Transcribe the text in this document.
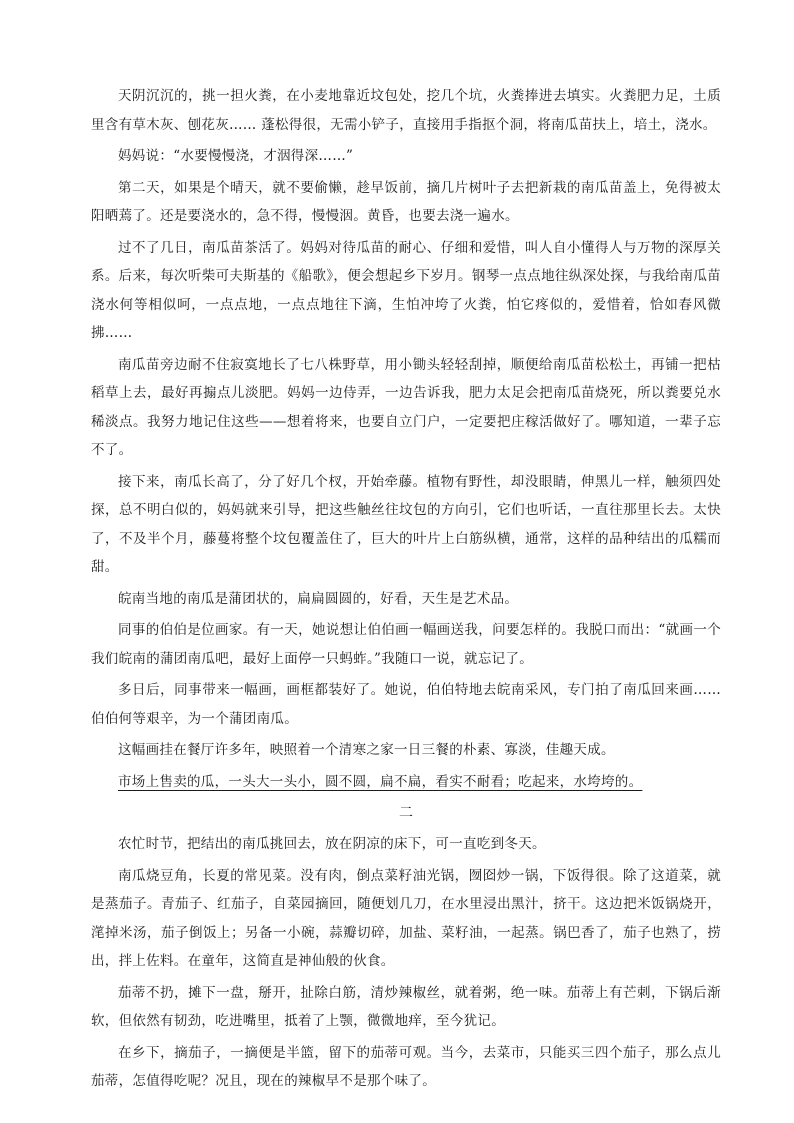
天阴沉沉的，挑一担火粪，在小麦地靠近坟包处，挖几个坑，火粪捧进去填实。火粪肥力足，土质里含有草木灰、刨花灰…… 蓬松得很，无需小铲子，直接用手指抠个洞，将南瓜苗扶上，培土，浇水。

妈妈说：“水要慢慢浇，才洇得深……”

第二天，如果是个晴天，就不要偷懒，趁早饭前，摘几片树叶子去把新栽的南瓜苗盖上，免得被太阳晒蔫了。还是要浇水的，急不得，慢慢洇。黄昏，也要去浇一遍水。

过不了几日，南瓜苗茶活了。妈妈对待瓜苗的耐心、仔细和爱惜，叫人自小懂得人与万物的深厚关系。后来，每次听柴可夫斯基的《船歌》，便会想起乡下岁月。钢琴一点点地往纵深处探，与我给南瓜苗浇水何等相似呵，一点点地，一点点地往下滴，生怕冲垮了火粪，怕它疼似的，爱惜着，恰如春风微拂……

南瓜苗旁边耐不住寂寞地长了七八株野草，用小锄头轻轻刮掉，顺便给南瓜苗松松土，再铺一把枯稻草上去，最好再搧点儿淡肥。妈妈一边侍弄，一边告诉我，肥力太足会把南瓜苗烧死，所以粪要兑水稀淡点。我努力地记住这些——想着将来，也要自立门户，一定要把庄稼活做好了。哪知道，一辈子忘不了。

接下来，南瓜长高了，分了好几个杈，开始牵藤。植物有野性，却没眼睛，伸黑儿一样，触须四处探，总不明白似的，妈妈就来引导，把这些触丝往坟包的方向引，它们也听话，一直往那里长去。太快了，不及半个月，藤蔓将整个坟包覆盖住了，巨大的叶片上白筋纵横，通常，这样的品种结出的瓜糯而甜。

皖南当地的南瓜是蒲团状的，扁扁圆圆的，好看，天生是艺术品。

同事的伯伯是位画家。有一天，她说想让伯伯画一幅画送我，问要怎样的。我脱口而出：“就画一个我们皖南的蒲团南瓜吧，最好上面停一只蚂蚱。”我随口一说，就忘记了。

多日后，同事带来一幅画，画框都装好了。她说，伯伯特地去皖南采风，专门拍了南瓜回来画……伯伯何等艰辛，为一个蒲团南瓜。

这幅画挂在餐厅许多年，映照着一个清寒之家一日三餐的朴素、寡淡，佳趣天成。

市场上售卖的瓜，一头大一头小，圆不圆，扁不扁，看实不耐看；吃起来，水垮垮的。

二

农忙时节，把结出的南瓜挑回去，放在阴凉的床下，可一直吃到冬天。

南瓜烧豆角，长夏的常见菜。没有肉，倒点菜籽油光锅，囫囵炒一锅，下饭得很。除了这道菜，就是蒸茄子。青茄子、红茄子，自菜园摘回，随便划几刀，在水里浸出黑汁，挤干。这边把米饭锅烧开，滗掉米汤，茄子倒饭上；另备一小碗，蒜瓣切碎，加盐、菜籽油，一起蒸。锅巴香了，茄子也熟了，捞出，拌上佐料。在童年，这简直是神仙般的伙食。

茄蒂不扔，摊下一盘，掰开，扯除白筋，清炒辣椒丝，就着粥，绝一味。茄蒂上有芒刺，下锅后渐软，但依然有韧劲，吃进嘴里，抵着了上颚，微微地痒，至今犹记。

在乡下，摘茄子，一摘便是半篮，留下的茄蒂可观。当今，去菜市，只能买三四个茄子，那么点儿茄蒂，怎值得吃呢？况且，现在的辣椒早不是那个味了。
